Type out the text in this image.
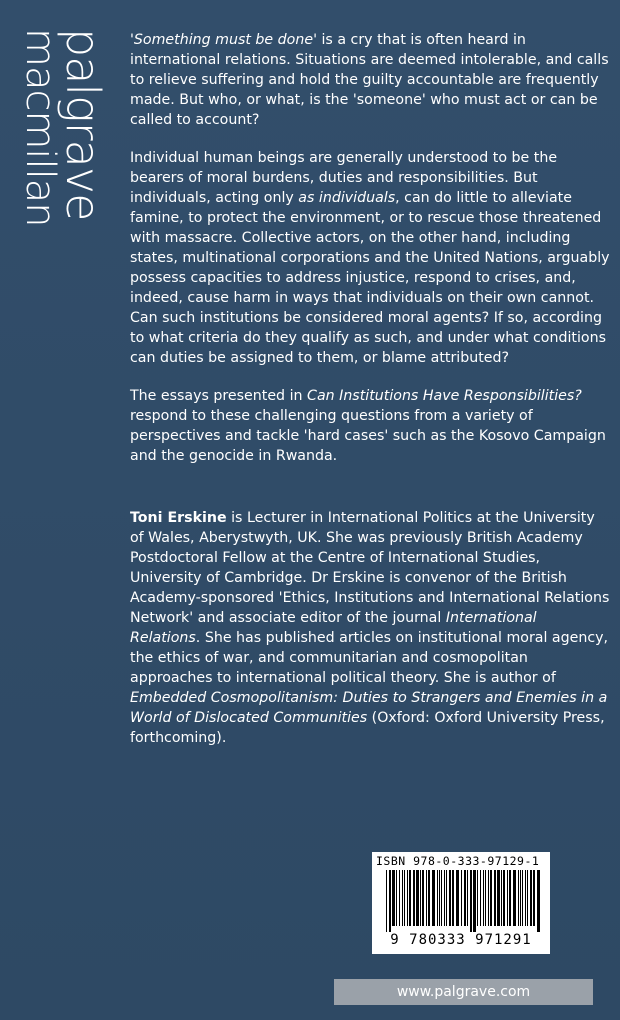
palgrave
macmillan	'Something must be done' is a cry that is often heard in international relations. Situations are deemed intolerable, and calls to relieve suffering and hold the guilty accountable are frequently made. But who, or what, is the 'someone' who must act or can be called to account?

Individual human beings are generally understood to be the bearers of moral burdens, duties and responsibilities. But individuals, acting only as individuals, can do little to alleviate famine, to protect the environment, or to rescue those threatened with massacre. Collective actors, on the other hand, including states, multinational corporations and the United Nations, arguably possess capacities to address injustice, respond to crises, and, indeed, cause harm in ways that individuals on their own cannot. Can such institutions be considered moral agents? If so, according to what criteria do they qualify as such, and under what conditions can duties be assigned to them, or blame attributed?

The essays presented in Can Institutions Have Responsibilities? respond to these challenging questions from a variety of perspectives and tackle 'hard cases' such as the Kosovo Campaign and the genocide in Rwanda.

Toni Erskine is Lecturer in International Politics at the University of Wales, Aberystwyth, UK. She was previously British Academy Postdoctoral Fellow at the Centre of International Studies, University of Cambridge. Dr Erskine is convenor of the British Academy-sponsored 'Ethics, Institutions and International Relations Network' and associate editor of the journal International Relations. She has published articles on institutional moral agency, the ethics of war, and communitarian and cosmopolitan approaches to international political theory. She is author of Embedded Cosmopolitanism: Duties to Strangers and Enemies in a World of Dislocated Communities (Oxford: Oxford University Press, forthcoming).

ISBN 978-0-333-97129-1
9 780333 971291
www.palgrave.com
